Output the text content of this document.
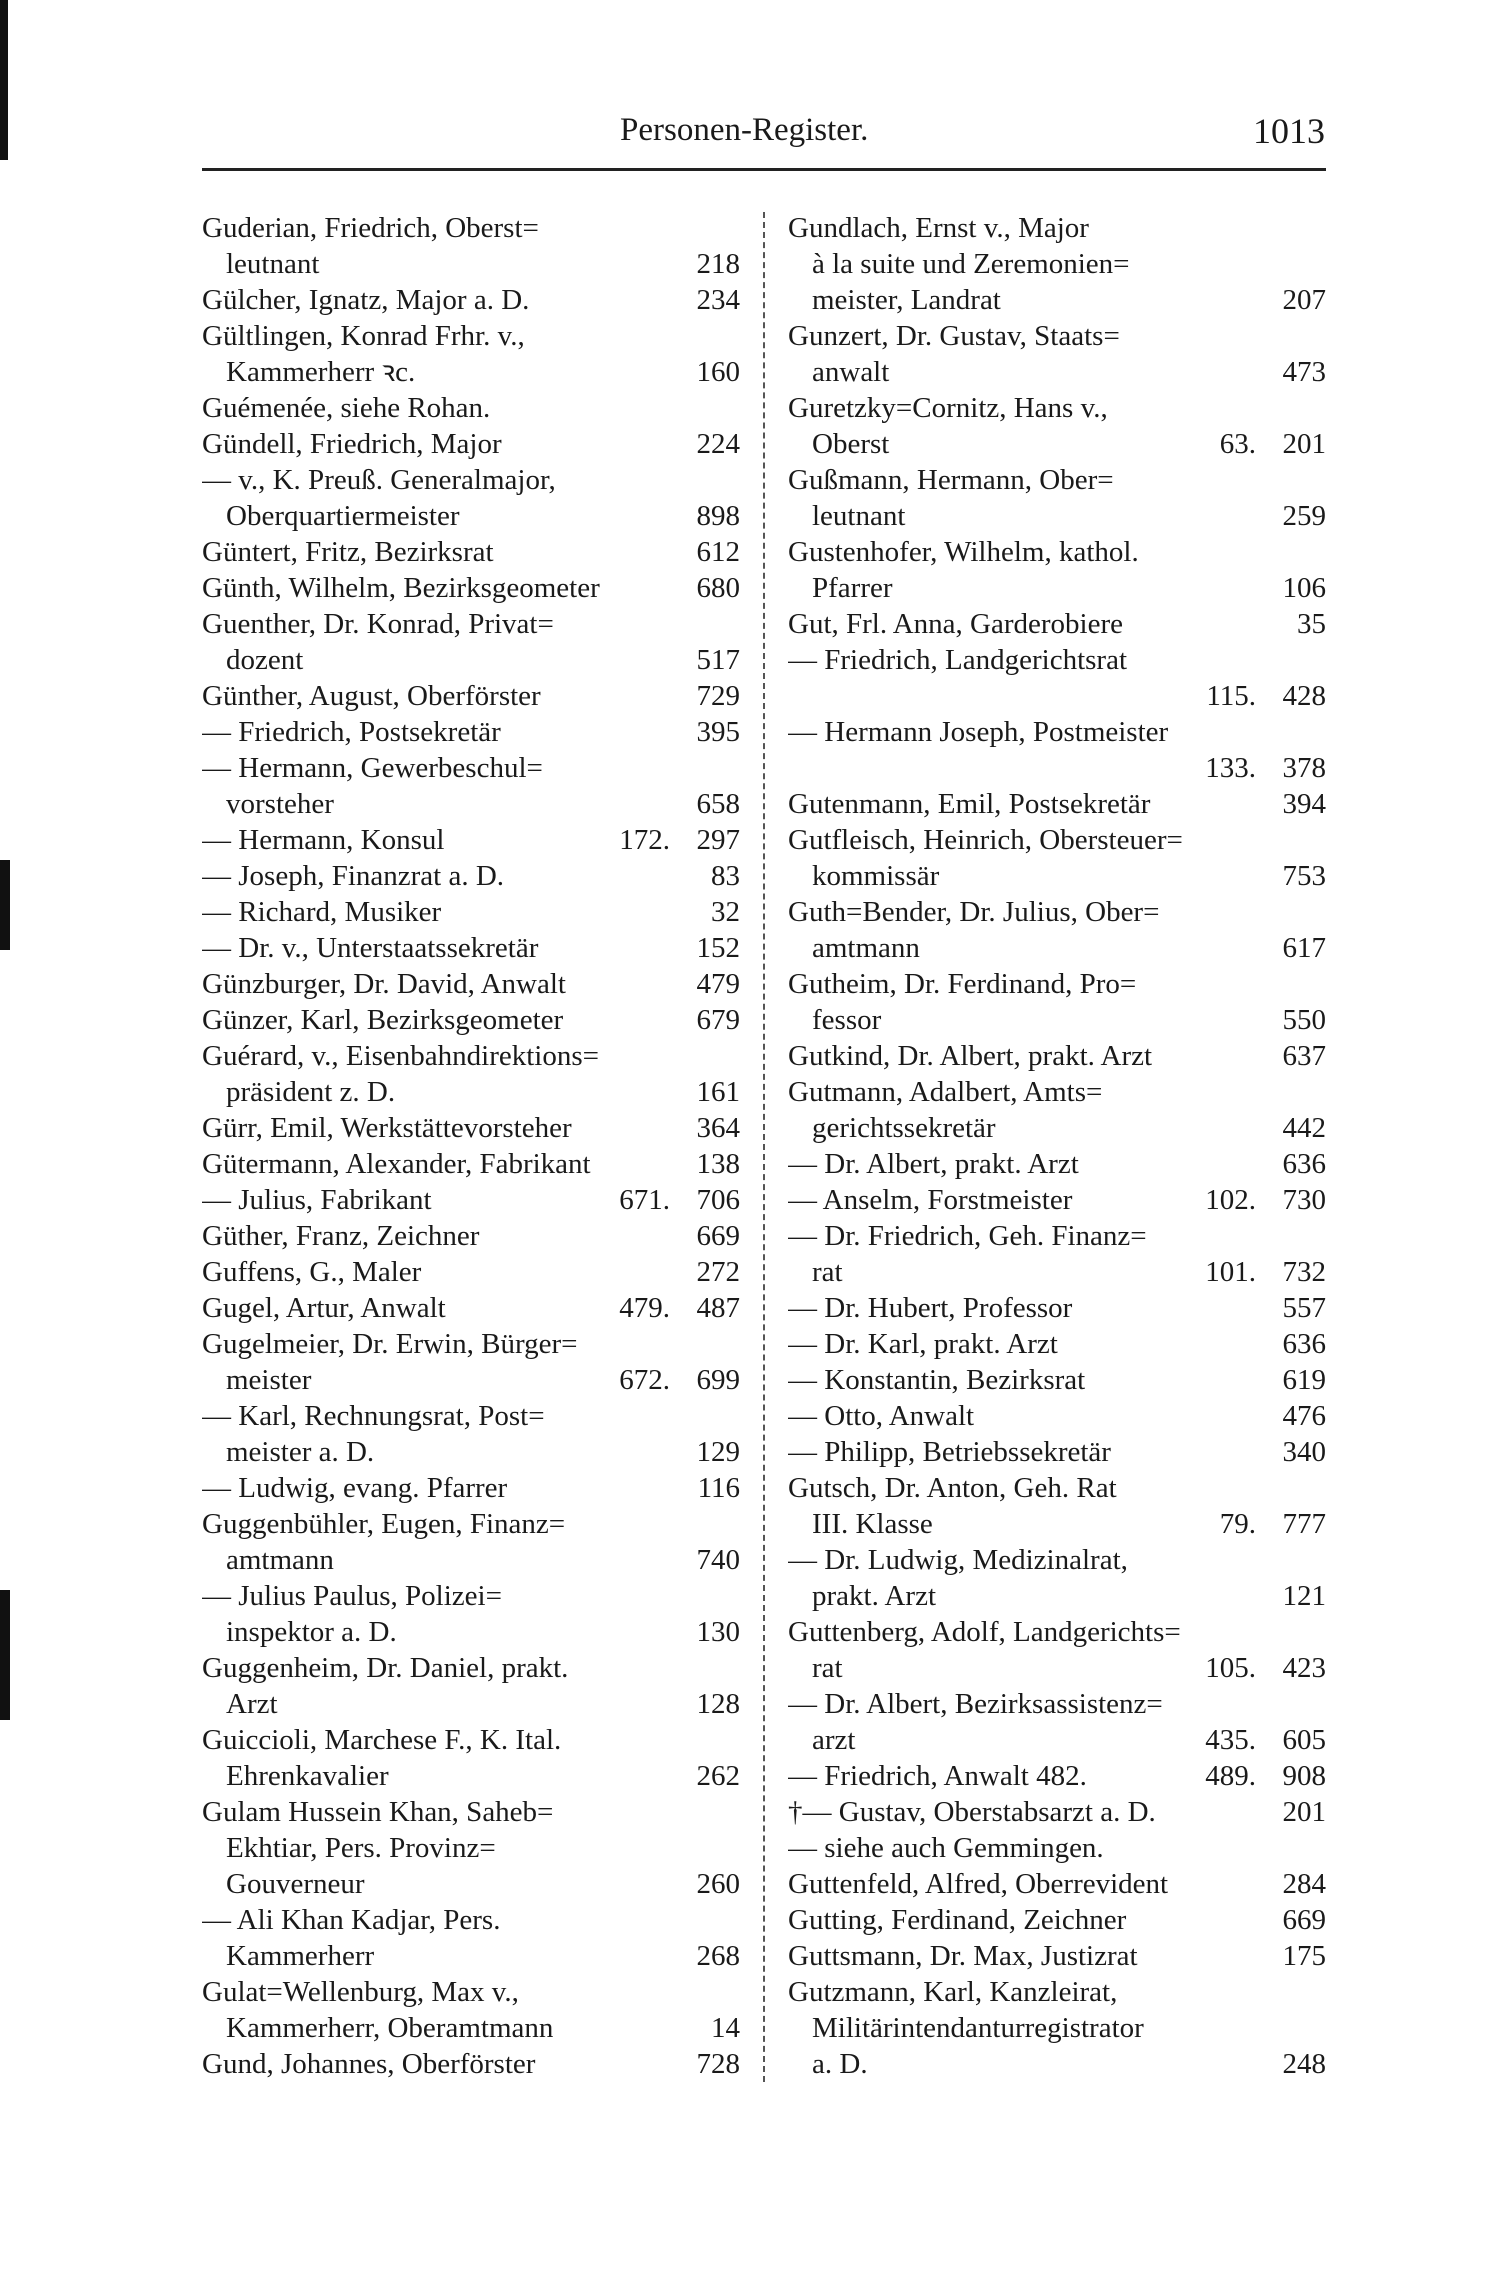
Personen-Register.	1013
Guderian, Friedrich, Oberst=
leutnant	218
Gülcher, Ignatz, Major a. D.	234
Gültlingen, Konrad Frhr. v.,
Kammerherr ꝛc.	160
Guémenée, siehe Rohan.
Gündell, Friedrich, Major	224
— v., K. Preuß. Generalmajor,
Oberquartiermeister	898
Güntert, Fritz, Bezirksrat	612
Günth, Wilhelm, Bezirksgeometer	680
Guenther, Dr. Konrad, Privat=
dozent	517
Günther, August, Oberförster	729
— Friedrich, Postsekretär	395
— Hermann, Gewerbeschul=
vorsteher	658
— Hermann, Konsul	172. 297
— Joseph, Finanzrat a. D.	83
— Richard, Musiker	32
— Dr. v., Unterstaatssekretär	152
Günzburger, Dr. David, Anwalt	479
Günzer, Karl, Bezirksgeometer	679
Guérard, v., Eisenbahndirektions=
präsident z. D.	161
Gürr, Emil, Werkstättevorsteher	364
Gütermann, Alexander, Fabrikant	138
— Julius, Fabrikant	671. 706
Güther, Franz, Zeichner	669
Guffens, G., Maler	272
Gugel, Artur, Anwalt	479. 487
Gugelmeier, Dr. Erwin, Bürger=
meister	672. 699
— Karl, Rechnungsrat, Post=
meister a. D.	129
— Ludwig, evang. Pfarrer	116
Guggenbühler, Eugen, Finanz=
amtmann	740
— Julius Paulus, Polizei=
inspektor a. D.	130
Guggenheim, Dr. Daniel, prakt.
Arzt	128
Guiccioli, Marchese F., K. Ital.
Ehrenkavalier	262
Gulam Hussein Khan, Saheb=
Ekhtiar, Pers. Provinz=
Gouverneur	260
— Ali Khan Kadjar, Pers.
Kammerherr	268
Gulat=Wellenburg, Max v.,
Kammerherr, Oberamtmann	14
Gund, Johannes, Oberförster	728
Gundlach, Ernst v., Major
à la suite und Zeremonien=
meister, Landrat	207
Gunzert, Dr. Gustav, Staats=
anwalt	473
Guretzky=Cornitz, Hans v.,
Oberst	63. 201
Gußmann, Hermann, Ober=
leutnant	259
Gustenhofer, Wilhelm, kathol.
Pfarrer	106
Gut, Frl. Anna, Garderobiere	35
— Friedrich, Landgerichtsrat
115. 428
— Hermann Joseph, Postmeister
133. 378
Gutenmann, Emil, Postsekretär	394
Gutfleisch, Heinrich, Obersteuer=
kommissär	753
Guth=Bender, Dr. Julius, Ober=
amtmann	617
Gutheim, Dr. Ferdinand, Pro=
fessor	550
Gutkind, Dr. Albert, prakt. Arzt	637
Gutmann, Adalbert, Amts=
gerichtssekretär	442
— Dr. Albert, prakt. Arzt	636
— Anselm, Forstmeister	102. 730
— Dr. Friedrich, Geh. Finanz=
rat	101. 732
— Dr. Hubert, Professor	557
— Dr. Karl, prakt. Arzt	636
— Konstantin, Bezirksrat	619
— Otto, Anwalt	476
— Philipp, Betriebssekretär	340
Gutsch, Dr. Anton, Geh. Rat
III. Klasse	79. 777
— Dr. Ludwig, Medizinalrat,
prakt. Arzt	121
Guttenberg, Adolf, Landgerichts=
rat	105. 423
— Dr. Albert, Bezirksassistenz=
arzt	435. 605
— Friedrich, Anwalt 482.	489. 908
†— Gustav, Oberstabsarzt a. D.	201
— siehe auch Gemmingen.
Guttenfeld, Alfred, Oberrevident	284
Gutting, Ferdinand, Zeichner	669
Guttsmann, Dr. Max, Justizrat	175
Gutzmann, Karl, Kanzleirat,
Militärintendanturregistrator
a. D.	248
